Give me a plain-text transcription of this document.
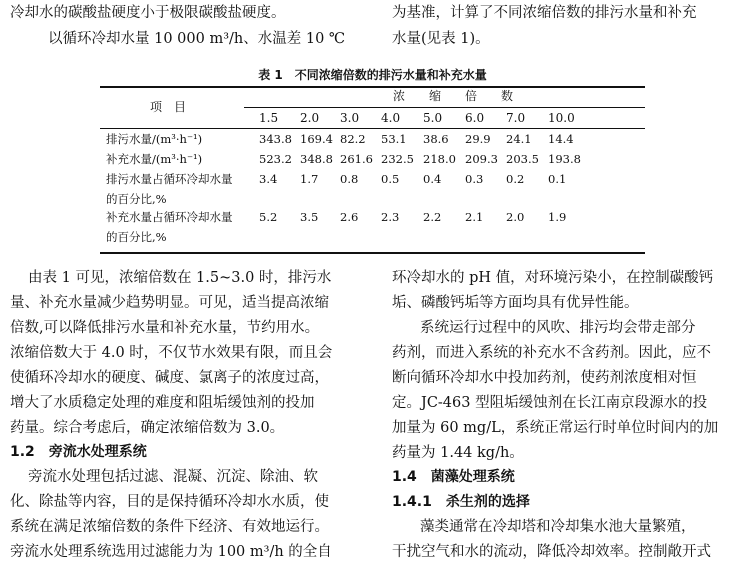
冷却水的碳酸盐硬度小于极限碳酸盐硬度。
以循环冷却水量 10 000 m³/h、水温差 10 ℃
为基准，计算了不同浓缩倍数的排污水量和补充
水量(见表 1)。
表 1　不同浓缩倍数的排污水量和补充水量
项　目
浓　　缩　　倍　　数
1.5 2.0 3.0 4.0 5.0 6.0 7.0 10.0
排污水量/(m³·h⁻¹)	343.8 169.4 82.2 53.1 38.6 29.9 24.1 14.4
补充水量/(m³·h⁻¹)	523.2 348.8 261.6 232.5 218.0 209.3 203.5 193.8
排污水量占循环冷却水量
的百分比,%
3.4 1.7 0.8 0.5 0.4 0.3 0.2 0.1
补充水量占循环冷却水量
的百分比,%
5.2 3.5 2.6 2.3 2.2 2.1 2.0 1.9
由表 1 可见，浓缩倍数在 1.5~3.0 时，排污水
量、补充水量减少趋势明显。可见，适当提高浓缩
倍数,可以降低排污水量和补充水量，节约用水。
浓缩倍数大于 4.0 时，不仅节水效果有限，而且会
使循环冷却水的硬度、碱度、氯离子的浓度过高，
增大了水质稳定处理的难度和阻垢缓蚀剂的投加
药量。综合考虑后，确定浓缩倍数为 3.0。
1.2　旁流水处理系统
旁流水处理包括过滤、混凝、沉淀、除油、软
化、除盐等内容，目的是保持循环冷却水水质，使
系统在满足浓缩倍数的条件下经济、有效地运行。
旁流水处理系统选用过滤能力为 100 m³/h 的全自
环冷却水的 pH 值，对环境污染小，在控制碳酸钙
垢、磷酸钙垢等方面均具有优异性能。
系统运行过程中的风吹、排污均会带走部分
药剂，而进入系统的补充水不含药剂。因此，应不
断向循环冷却水中投加药剂，使药剂浓度相对恒
定。JC-463 型阻垢缓蚀剂在长江南京段源水的投
加量为 60 mg/L，系统正常运行时单位时间内的加
药量为 1.44 kg/h。
1.4　菌藻处理系统
1.4.1　杀生剂的选择
藻类通常在冷却塔和冷却集水池大量繁殖，
干扰空气和水的流动，降低冷却效率。控制敞开式
